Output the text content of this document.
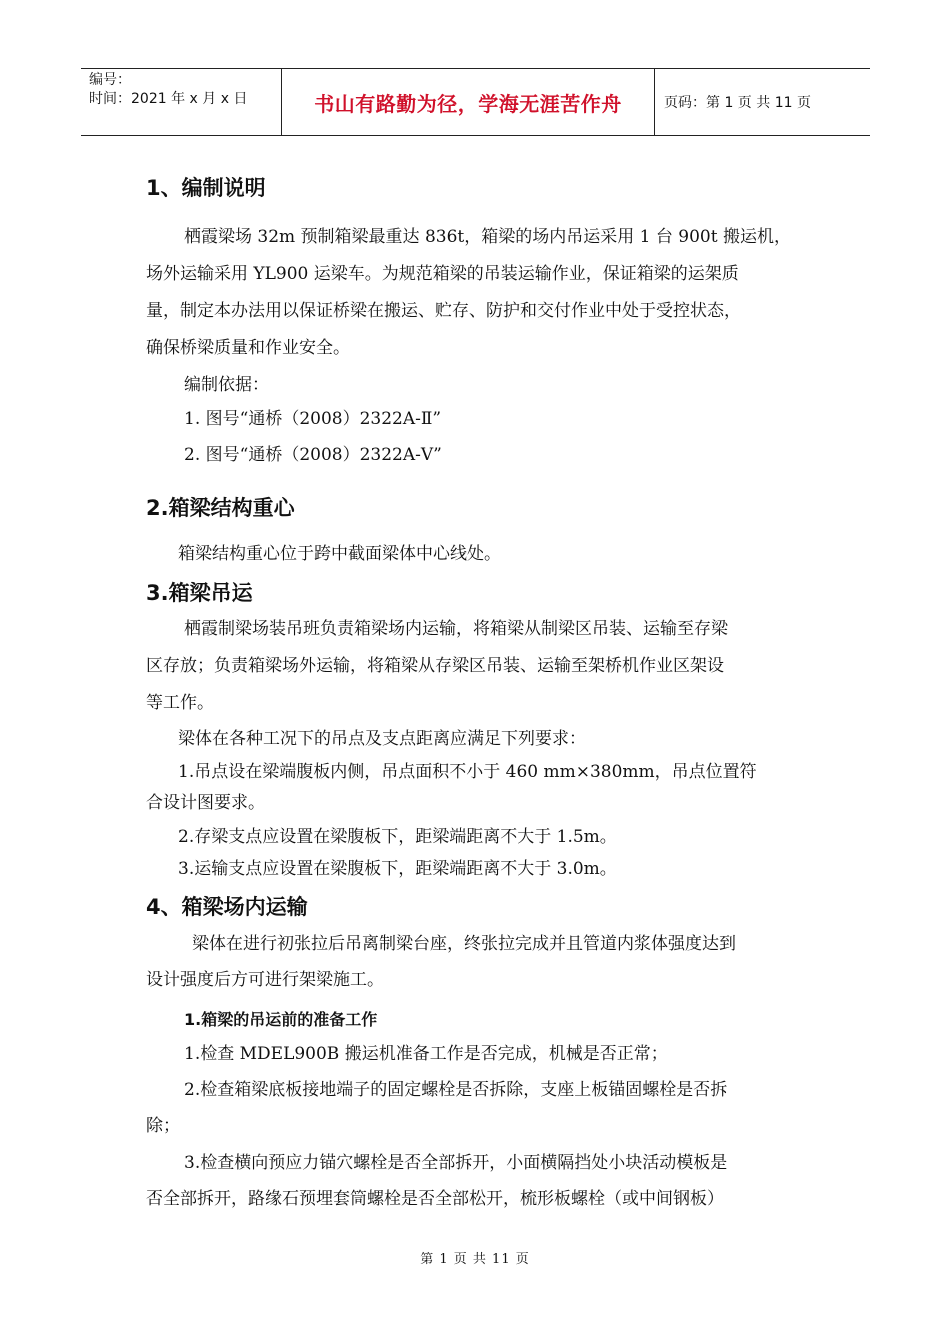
编号：
时间：2021 年 x 月 x 日	书山有路勤为径，学海无涯苦作舟	页码：第 1 页 共 11 页
1、编制说明

栖霞梁场 32m 预制箱梁最重达 836t，箱梁的场内吊运采用 1 台 900t 搬运机，

场外运输采用 YL900 运梁车。为规范箱梁的吊装运输作业，保证箱梁的运架质

量，制定本办法用以保证桥梁在搬运、贮存、防护和交付作业中处于受控状态，

确保桥梁质量和作业安全。

编制依据：

1. 图号“通桥（2008）2322A-Ⅱ”

2. 图号“通桥（2008）2322A-Ⅴ”

2.箱梁结构重心

箱梁结构重心位于跨中截面梁体中心线处。

3.箱梁吊运

栖霞制梁场装吊班负责箱梁场内运输，将箱梁从制梁区吊装、运输至存梁

区存放；负责箱梁场外运输，将箱梁从存梁区吊装、运输至架桥机作业区架设

等工作。

梁体在各种工况下的吊点及支点距离应满足下列要求：

1.吊点设在梁端腹板内侧，吊点面积不小于 460 mm×380mm，吊点位置符

合设计图要求。

2.存梁支点应设置在梁腹板下，距梁端距离不大于 1.5m。

3.运输支点应设置在梁腹板下，距梁端距离不大于 3.0m。

4、箱梁场内运输

梁体在进行初张拉后吊离制梁台座，终张拉完成并且管道内浆体强度达到

设计强度后方可进行架梁施工。

1.箱梁的吊运前的准备工作

1.检查 MDEL900B 搬运机准备工作是否完成，机械是否正常；

2.检查箱梁底板接地端子的固定螺栓是否拆除，支座上板锚固螺栓是否拆

除；

3.检查横向预应力锚穴螺栓是否全部拆开，小面横隔挡处小块活动模板是

否全部拆开，路缘石预埋套筒螺栓是否全部松开，梳形板螺栓（或中间钢板）

第 1 页 共 11 页
